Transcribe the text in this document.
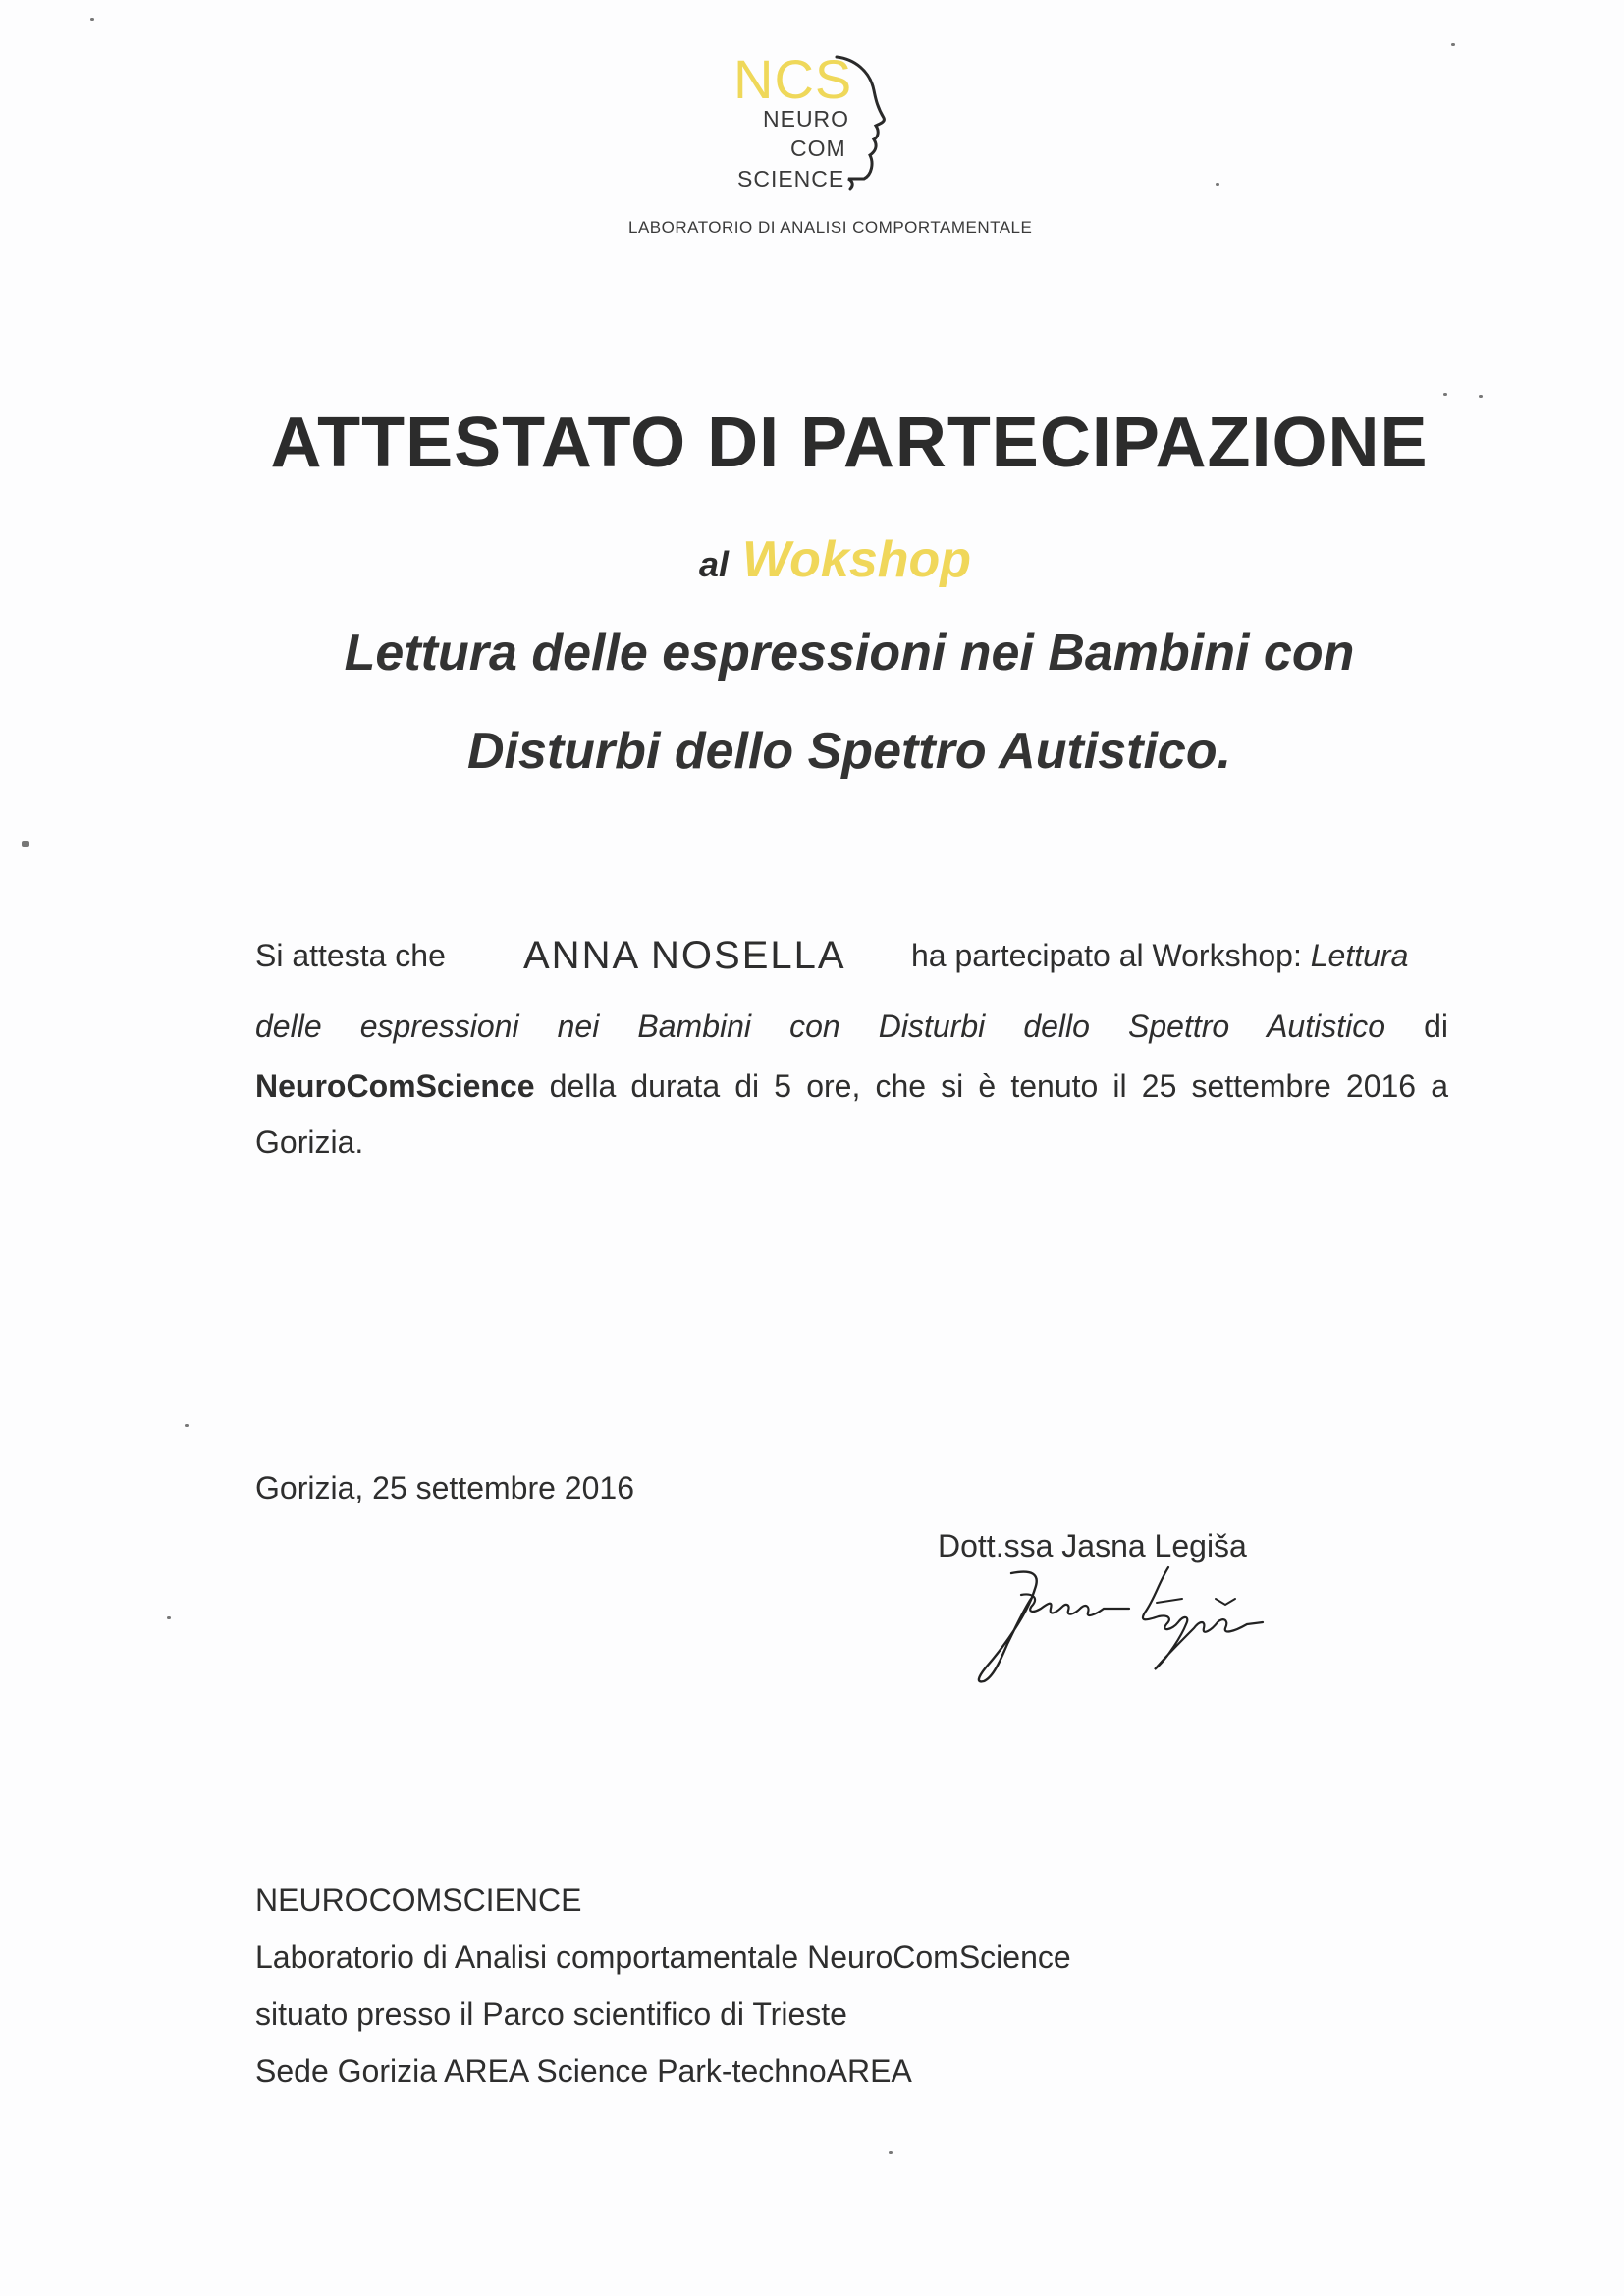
NCS
NEURO
COM
SCIENCE
LABORATORIO DI ANALISI COMPORTAMENTALE
ATTESTATO DI PARTECIPAZIONE
al Wokshop
Lettura delle espressioni nei Bambini con
Disturbi dello Spettro Autistico.
Si attesta che ANNA NOSELLA ha partecipato al Workshop: Lettura
delle espressioni nei Bambini con Disturbi dello Spettro Autistico di
NeuroComScience della durata di 5 ore, che si è tenuto il 25 settembre 2016 a
Gorizia.
Gorizia, 25 settembre 2016
Dott.ssa Jasna Legiša
NEUROCOMSCIENCE
Laboratorio di Analisi comportamentale NeuroComScience
situato presso il Parco scientifico di Trieste
Sede Gorizia AREA Science Park-technoAREA
